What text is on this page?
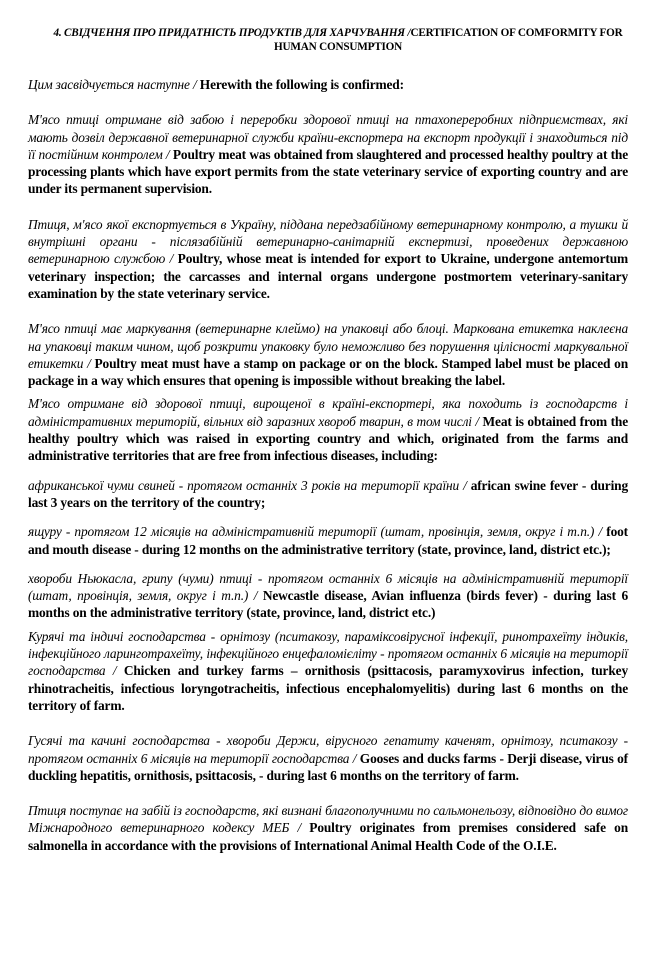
4. СВІДЧЕННЯ ПРО ПРИДАТНІСТЬ ПРОДУКТІВ ДЛЯ ХАРЧУВАННЯ /CERTIFICATION OF COMFORMITY FOR HUMAN CONSUMPTION

Цим засвідчується наступне / Herewith the following is confirmed:

М'ясо птиці отримане від забою і переробки здорової птиці на птахопереробних підприємствах, які мають дозвіл державної ветеринарної служби країни-експортера на експорт продукції і знаходиться під її постійним контролем / Poultry meat was obtained from slaughtered and processed healthy poultry at the processing plants which have export permits from the state veterinary service of exporting country and are under its permanent supervision.

Птиця, м'ясо якої експортується в Україну, піддана передзабійному ветеринарному контролю, а тушки й внутрішні органи - післязабійній ветеринарно-санітарній експертизі, проведених державною ветеринарною службою / Poultry, whose meat is intended for export to Ukraine, undergone antemortum veterinary inspection; the carcasses and internal organs undergone postmortem veterinary-sanitary examination by the state veterinary service.

М'ясо птиці має маркування (ветеринарне клеймо) на упаковці або блоці. Маркована етикетка наклеєна на упаковці таким чином, щоб розкрити упаковку було неможливо без порушення цілісності маркувальної етикетки / Poultry meat must have a stamp on package or on the block. Stamped label must be placed on package in a way which ensures that opening is impossible without breaking the label.

М'ясо отримане від здорової птиці, вирощеної в країні-експортері, яка походить із господарств і адміністративних територій, вільних від заразних хвороб тварин, в том числі / Meat is obtained from the healthy poultry which was raised in exporting country and which, originated from the farms and administrative territories that are free from infectious diseases, including:

африканської чуми свиней - протягом останніх 3 років на території країни / african swine fever - during last 3 years on the territory of the country;

ящуру - протягом 12 місяців на адміністративній території (штат, провінція, земля, округ і т.п.) / foot and mouth disease - during 12 months on the administrative territory (state, province, land, district etc.);

хвороби Ньюкасла, грипу (чуми) птиці - протягом останніх 6 місяців на адміністративній території (штат, провінція, земля, округ і т.п.) / Newcastle disease, Avian influenza (birds fever) - during last 6 months on the administrative territory (state, province, land, district etc.)

Курячі та індичі господарства - орнітозу (пситакозу, параміксовірусної інфекції, ринотрахеїту індиків, інфекційного ларинготрахеїту, інфекційного енцефаломієліту - протягом останніх 6 місяців на території господарства / Chicken and turkey farms – ornithosis (psittacosis, paramyxovirus infection, turkey rhinotracheitis, infectious loryngotracheitis, infectious encephalomyelitis) during last 6 months on the territory of farm.

Гусячі та качині господарства - хвороби Держи, вірусного гепатиту каченят, орнітозу, пситакозу - протягом останніх 6 місяців на території господарства / Gooses and ducks farms - Derji disease, virus of duckling hepatitis, ornithosis, psittacosis, - during last 6 months on the territory of farm.

Птиця поступає на забій із господарств, які визнані благополучними по сальмонельозу, відповідно до вимог Міжнародного ветеринарного кодексу МЕБ / Poultry originates from premises considered safe on salmonella in accordance with the provisions of International Animal Health Code of the O.I.E.
